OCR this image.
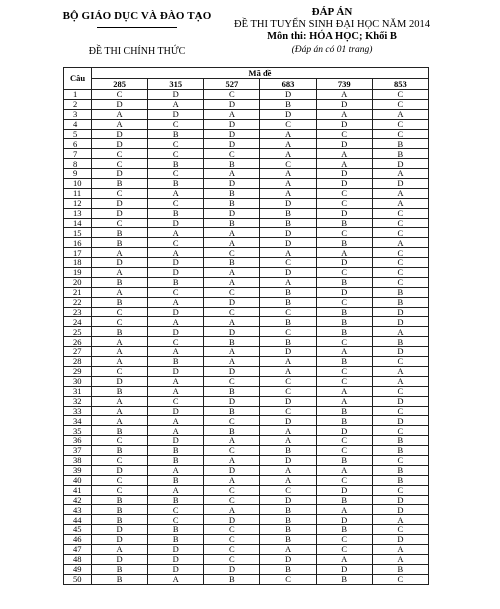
BỘ GIÁO DỤC VÀ ĐÀO TẠO
ĐỀ THI CHÍNH THỨC
ĐÁP ÁN
ĐỀ THI TUYỂN SINH ĐẠI HỌC NĂM 2014
Môn thi: HÓA HỌC; Khối B
(Đáp án có 01 trang)
Câu	Mã đề					
	285	315	527	683	739	853
1	C	D	C	D	A	C
2	D	A	D	B	D	C
3	A	D	A	D	A	A
4	A	C	D	C	D	C
5	D	B	D	A	C	C
6	D	C	D	A	D	B
7	C	C	C	A	A	B
8	C	B	B	C	A	D
9	D	C	A	A	D	A
10	B	B	D	A	D	D
11	C	A	B	A	C	A
12	D	C	B	D	C	A
13	D	B	D	B	D	C
14	C	D	B	B	B	C
15	B	A	A	D	C	C
16	B	C	A	D	B	A
17	A	A	C	A	A	C
18	D	D	B	C	D	C
19	A	D	A	D	C	C
20	B	B	A	A	B	C
21	A	C	C	B	D	B
22	B	A	D	B	C	B
23	C	D	C	C	B	D
24	C	A	A	B	B	D
25	B	D	D	C	B	A
26	A	C	B	B	C	B
27	A	A	A	D	A	D
28	A	B	A	A	B	C
29	C	D	D	A	C	A
30	D	A	C	C	C	A
31	B	A	B	C	A	C
32	A	C	D	D	A	D
33	A	D	B	C	B	C
34	A	A	C	D	B	D
35	B	A	B	A	D	C
36	C	D	A	A	C	B
37	B	B	C	B	C	B
38	C	B	A	D	B	C
39	D	A	D	A	A	B
40	C	B	A	A	C	B
41	C	A	C	C	D	C
42	B	B	C	D	B	D
43	B	C	A	B	A	D
44	B	C	D	B	D	A
45	D	B	C	B	B	C
46	D	B	C	B	C	D
47	A	D	C	A	C	A
48	D	D	C	D	A	A
49	B	D	D	B	D	B
50	B	A	B	C	B	C
